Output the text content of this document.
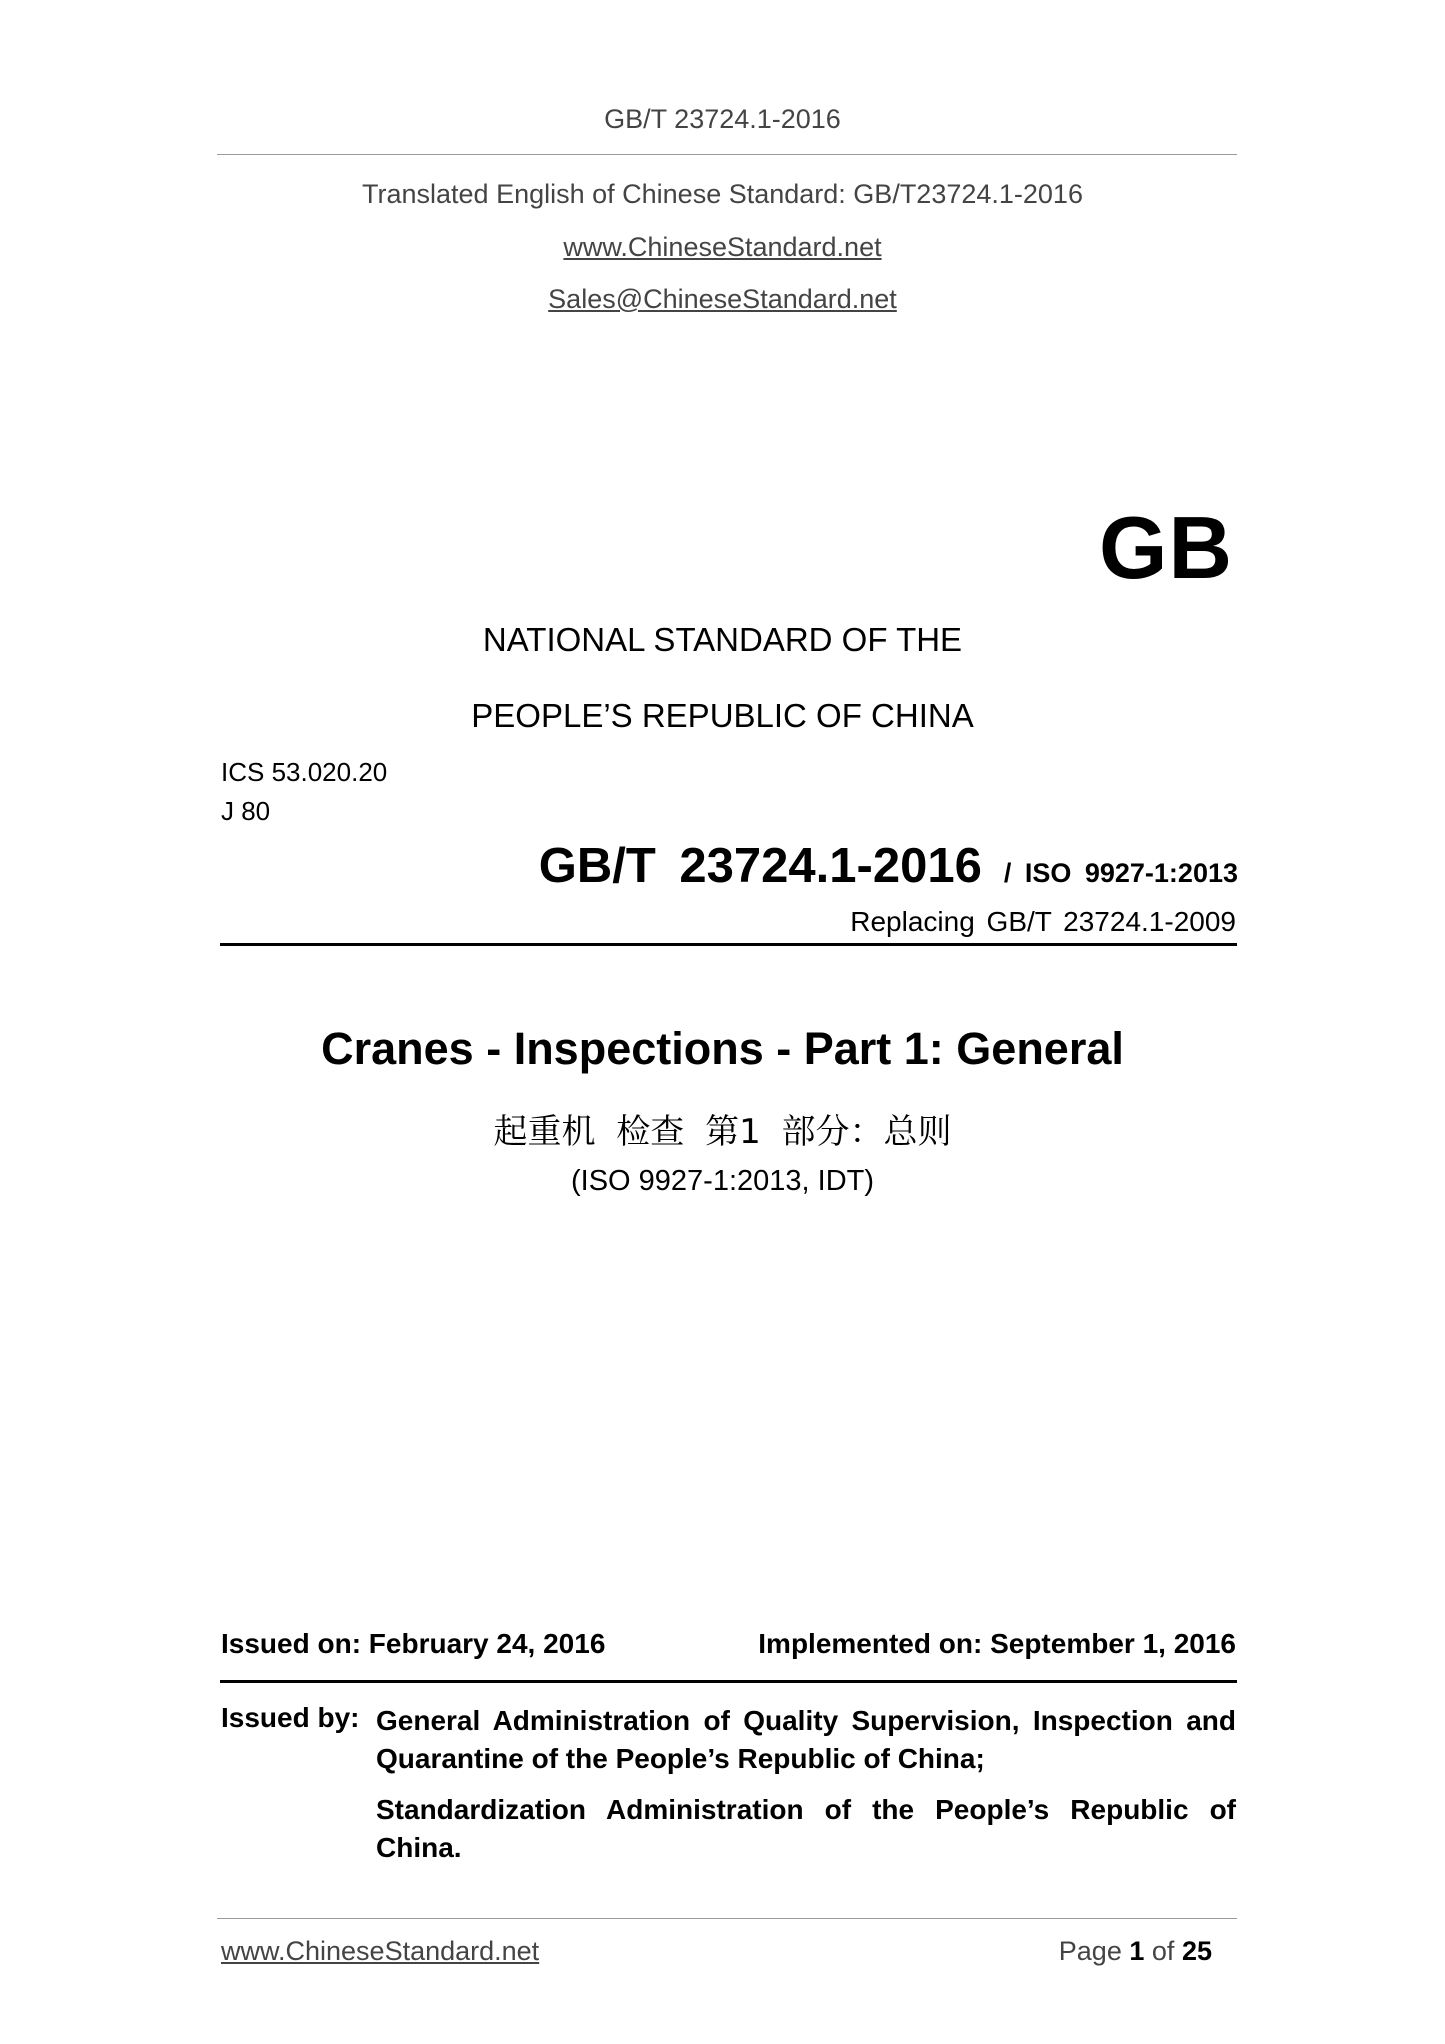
GB/T 23724.1-2016
Translated English of Chinese Standard: GB/T23724.1-2016
www.ChineseStandard.net
Sales@ChineseStandard.net
GB
NATIONAL STANDARD OF THE
PEOPLE’S REPUBLIC OF CHINA
ICS 53.020.20
J 80
GB/T 23724.1-2016 / ISO 9927-1:2013
Replacing GB/T 23724.1-2009
Cranes - Inspections - Part 1: General
起重机 检查 第1 部分：总则
(ISO 9927-1:2013, IDT)
Issued on: February 24, 2016	Implemented on: September 1, 2016
Issued by: General Administration of Quality Supervision, Inspection and Quarantine of the People’s Republic of China;
Standardization Administration of the People’s Republic of China.
www.ChineseStandard.net	Page 1 of 25
